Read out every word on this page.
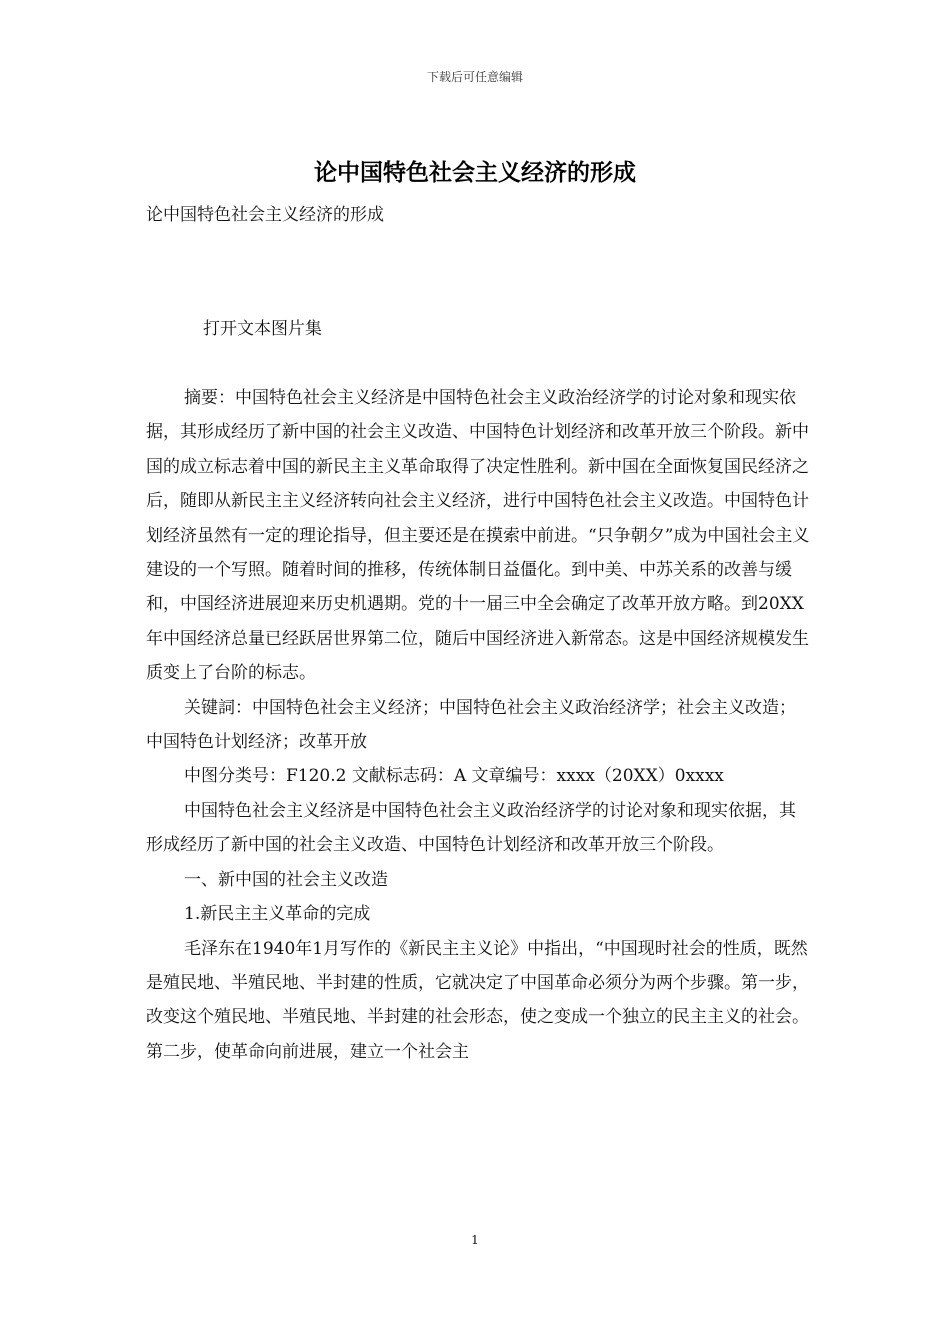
下载后可任意编辑
论中国特色社会主义经济的形成
论中国特色社会主义经济的形成
打开文本图片集

摘要：中国特色社会主义经济是中国特色社会主义政治经济学的讨论对象和现实依据，其形成经历了新中国的社会主义改造、中国特色计划经济和改革开放三个阶段。新中国的成立标志着中国的新民主主义革命取得了决定性胜利。新中国在全面恢复国民经济之后，随即从新民主主义经济转向社会主义经济，进行中国特色社会主义改造。中国特色计划经济虽然有一定的理论指导，但主要还是在摸索中前进。“只争朝夕”成为中国社会主义建设的一个写照。随着时间的推移，传统体制日益僵化。到中美、中苏关系的改善与缓和，中国经济进展迎来历史机遇期。党的十一届三中全会确定了改革开放方略。到20XX年中国经济总量已经跃居世界第二位，随后中国经济进入新常态。这是中国经济规模发生质变上了台阶的标志。

关键詞：中国特色社会主义经济；中国特色社会主义政治经济学；社会主义改造；中国特色计划经济；改革开放

中图分类号：F120.2 文献标志码：A 文章编号：xxxx（20XX）0xxxx

中国特色社会主义经济是中国特色社会主义政治经济学的讨论对象和现实依据，其形成经历了新中国的社会主义改造、中国特色计划经济和改革开放三个阶段。

一、新中国的社会主义改造

1.新民主主义革命的完成

毛泽东在1940年1月写作的《新民主主义论》中指出，“中国现时社会的性质，既然是殖民地、半殖民地、半封建的性质，它就决定了中国革命必须分为两个步骤。第一步，改变这个殖民地、半殖民地、半封建的社会形态，使之变成一个独立的民主主义的社会。第二步，使革命向前进展，建立一个社会主

1
